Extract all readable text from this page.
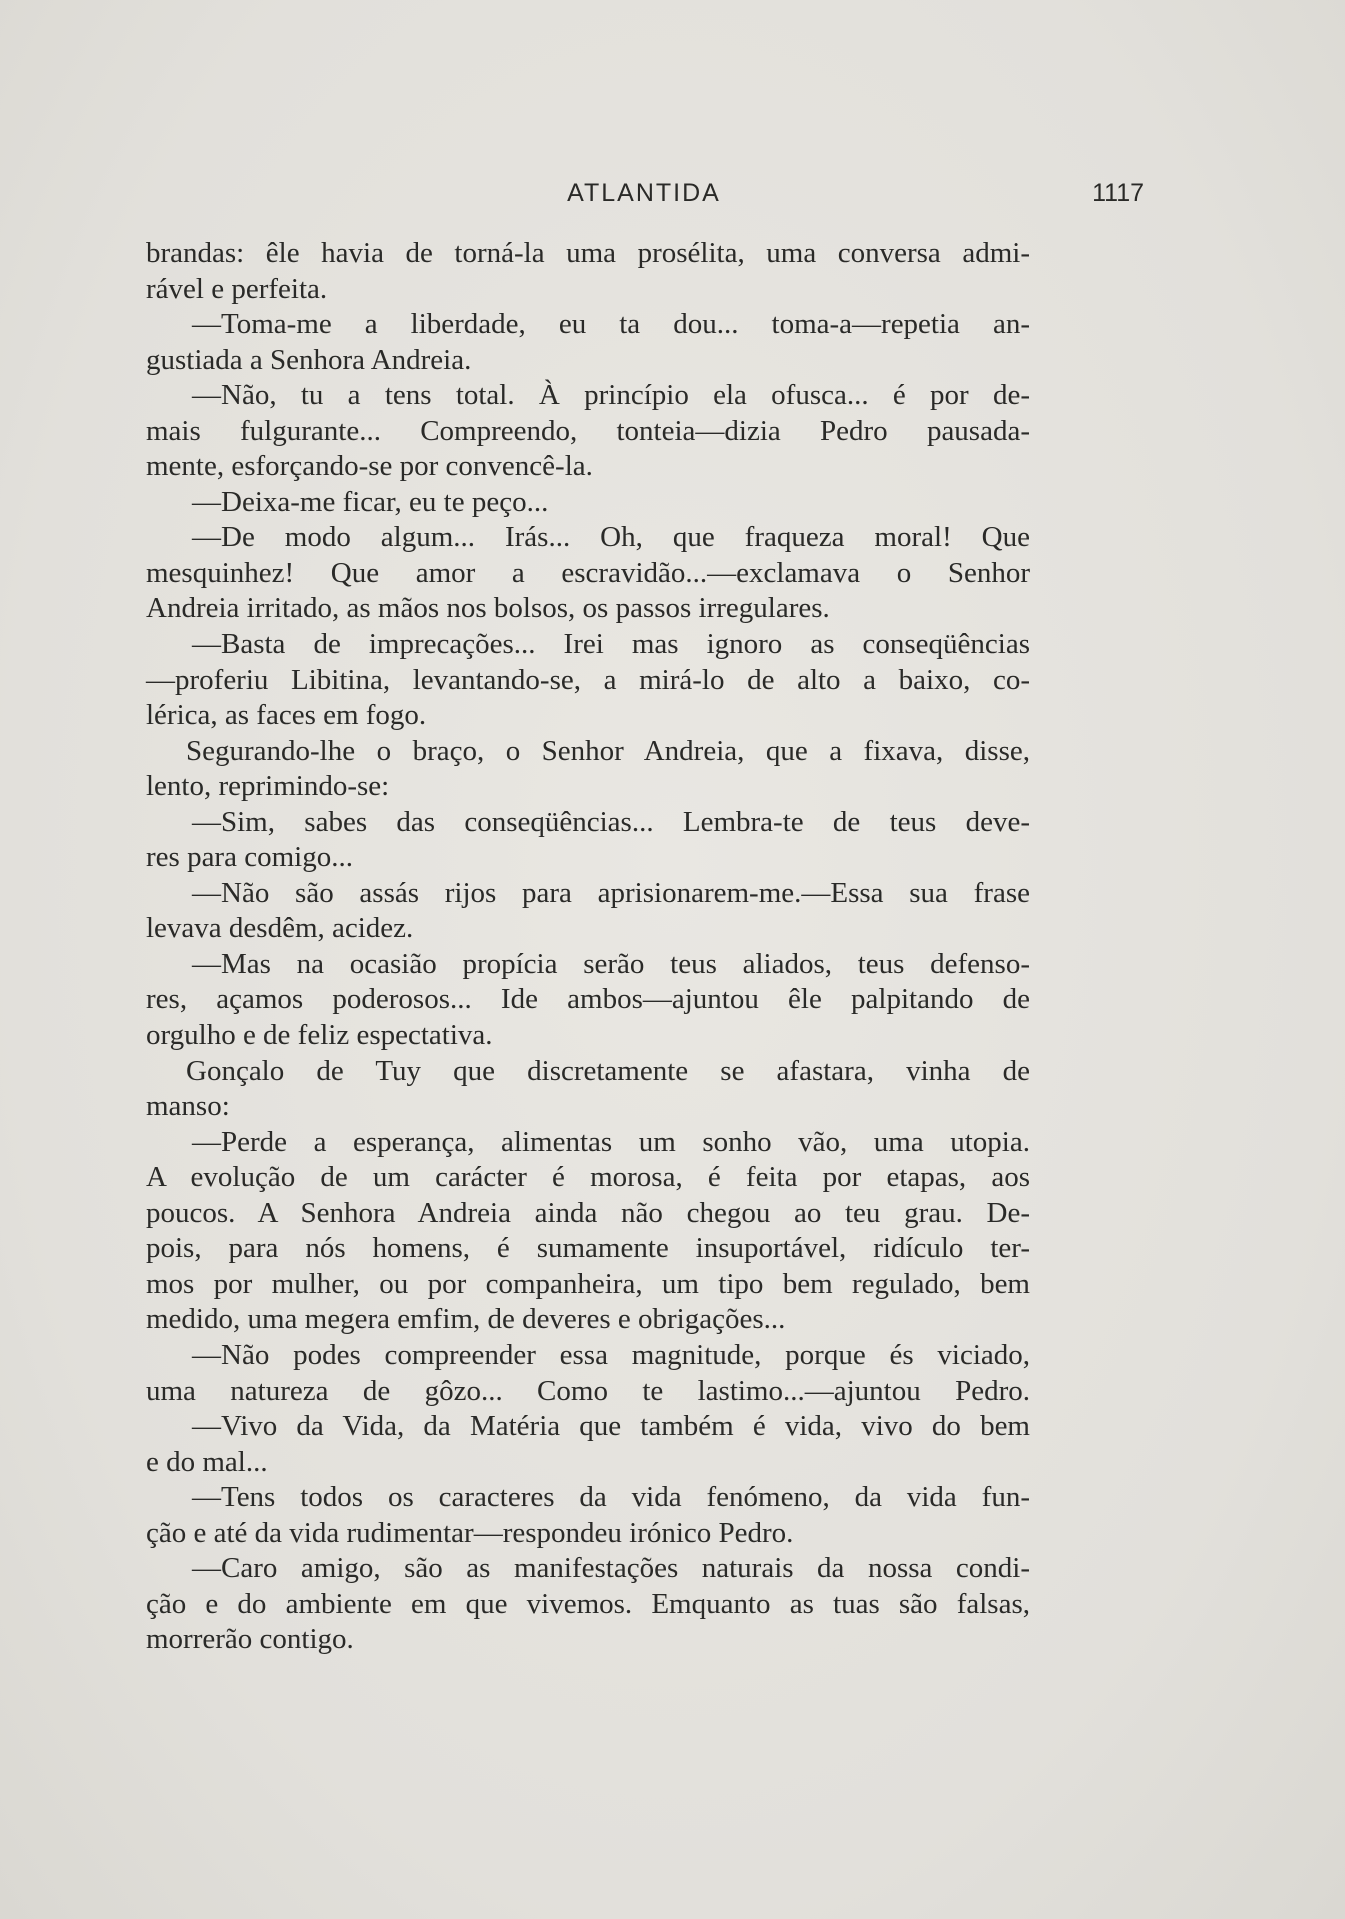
ATLANTIDA	1117
brandas: êle havia de torná-la uma prosélita, uma conversa admi-
rável e perfeita.
—Toma-me a liberdade, eu ta dou... toma-a—repetia an-
gustiada a Senhora Andreia.
—Não, tu a tens total. À princípio ela ofusca... é por de-
mais fulgurante... Compreendo, tonteia—dizia Pedro pausada-
mente, esforçando-se por convencê-la.
—Deixa-me ficar, eu te peço...
—De modo algum... Irás... Oh, que fraqueza moral! Que
mesquinhez! Que amor a escravidão...—exclamava o Senhor
Andreia irritado, as mãos nos bolsos, os passos irregulares.
—Basta de imprecações... Irei mas ignoro as conseqüências
—proferiu Libitina, levantando-se, a mirá-lo de alto a baixo, co-
lérica, as faces em fogo.
Segurando-lhe o braço, o Senhor Andreia, que a fixava, disse,
lento, reprimindo-se:
—Sim, sabes das conseqüências... Lembra-te de teus deve-
res para comigo...
—Não são assás rijos para aprisionarem-me.—Essa sua frase
levava desdêm, acidez.
—Mas na ocasião propícia serão teus aliados, teus defenso-
res, açamos poderosos... Ide ambos—ajuntou êle palpitando de
orgulho e de feliz espectativa.
Gonçalo de Tuy que discretamente se afastara, vinha de
manso:
—Perde a esperança, alimentas um sonho vão, uma utopia.
A evolução de um carácter é morosa, é feita por etapas, aos
poucos. A Senhora Andreia ainda não chegou ao teu grau. De-
pois, para nós homens, é sumamente insuportável, ridículo ter-
mos por mulher, ou por companheira, um tipo bem regulado, bem
medido, uma megera emfim, de deveres e obrigações...
—Não podes compreender essa magnitude, porque és viciado,
uma natureza de gôzo... Como te lastimo...—ajuntou Pedro.
—Vivo da Vida, da Matéria que também é vida, vivo do bem
e do mal...
—Tens todos os caracteres da vida fenómeno, da vida fun-
ção e até da vida rudimentar—respondeu irónico Pedro.
—Caro amigo, são as manifestações naturais da nossa condi-
ção e do ambiente em que vivemos. Emquanto as tuas são falsas,
morrerão contigo.
